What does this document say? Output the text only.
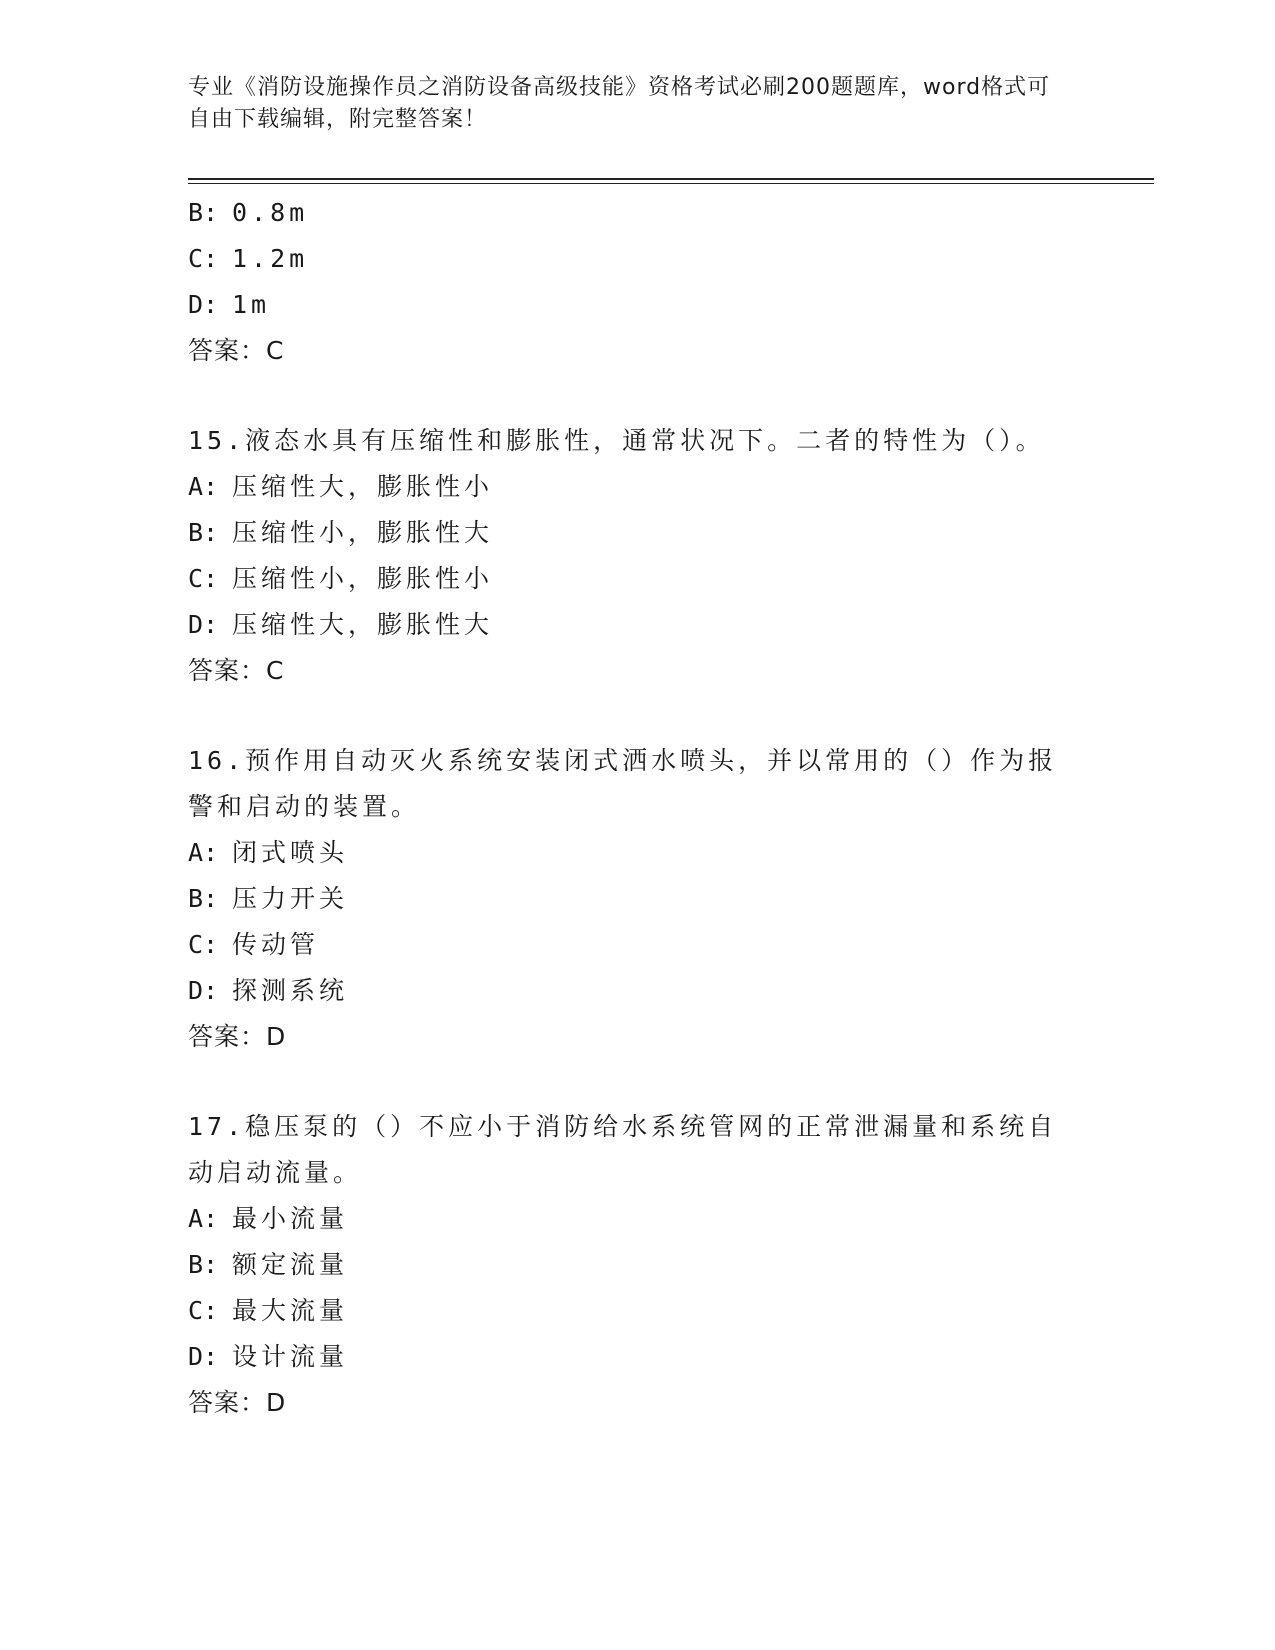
专业《消防设施操作员之消防设备高级技能》资格考试必刷200题题库，word格式可自由下载编辑，附完整答案！
B: 0.8m
C: 1.2m
D: 1m
答案：C
15.液态水具有压缩性和膨胀性，通常状况下。二者的特性为（）。
A: 压缩性大，膨胀性小
B: 压缩性小，膨胀性大
C: 压缩性小，膨胀性小
D: 压缩性大，膨胀性大
答案：C
16.预作用自动灭火系统安装闭式洒水喷头，并以常用的（）作为报警和启动的装置。
A: 闭式喷头
B: 压力开关
C: 传动管
D: 探测系统
答案：D
17.稳压泵的（）不应小于消防给水系统管网的正常泄漏量和系统自动启动流量。
A: 最小流量
B: 额定流量
C: 最大流量
D: 设计流量
答案：D
